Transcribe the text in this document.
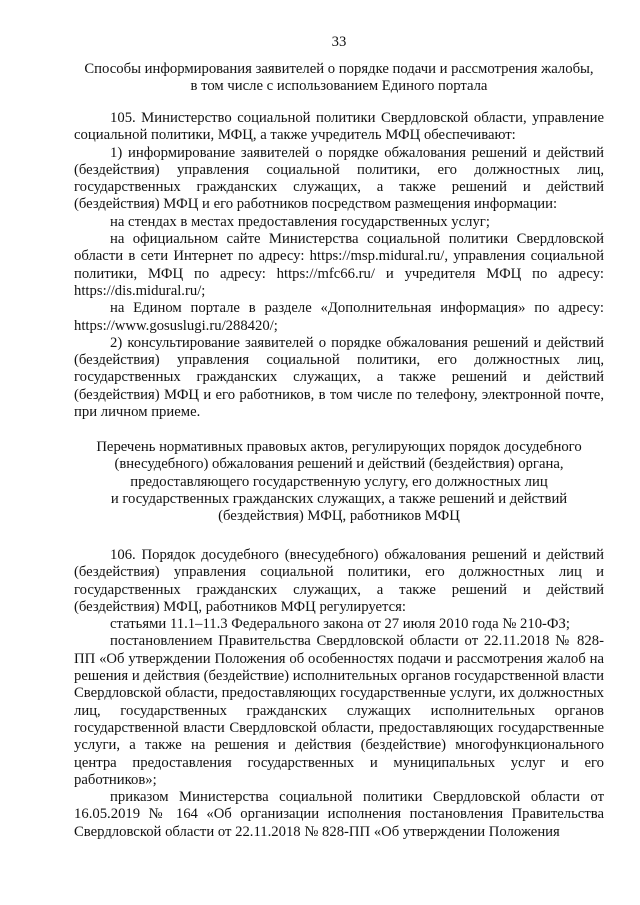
33

Способы информирования заявителей о порядке подачи и рассмотрения жалобы,

в том числе с использованием Единого портала

105. Министерство социальной политики Свердловской области, управление социальной политики, МФЦ, а также учредитель МФЦ обеспечивают:

1) информирование заявителей о порядке обжалования решений и действий (бездействия) управления социальной политики, его должностных лиц, государственных гражданских служащих, а также решений и действий (бездействия) МФЦ и его работников посредством размещения информации:

на стендах в местах предоставления государственных услуг;

на официальном сайте Министерства социальной политики Свердловской области в сети Интернет по адресу: https://msp.midural.ru/, управления социальной политики, МФЦ по адресу: https://mfc66.ru/ и учредителя МФЦ по адресу: https://dis.midural.ru/;

на Едином портале в разделе «Дополнительная информация» по адресу: https://www.gosuslugi.ru/288420/;

2) консультирование заявителей о порядке обжалования решений и действий (бездействия) управления социальной политики, его должностных лиц, государственных гражданских служащих, а также решений и действий (бездействия) МФЦ и его работников, в том числе по телефону, электронной почте, при личном приеме.

Перечень нормативных правовых актов, регулирующих порядок досудебного

(внесудебного) обжалования решений и действий (бездействия) органа,

предоставляющего государственную услугу, его должностных лиц

и государственных гражданских служащих, а также решений и действий

(бездействия) МФЦ, работников МФЦ

106. Порядок досудебного (внесудебного) обжалования решений и действий (бездействия) управления социальной политики, его должностных лиц и государственных гражданских служащих, а также решений и действий (бездействия) МФЦ, работников МФЦ регулируется:

статьями 11.1–11.3 Федерального закона от 27 июля 2010 года № 210-ФЗ;

постановлением Правительства Свердловской области от 22.11.2018 № 828-ПП «Об утверждении Положения об особенностях подачи и рассмотрения жалоб на решения и действия (бездействие) исполнительных органов государственной власти Свердловской области, предоставляющих государственные услуги, их должностных лиц, государственных гражданских служащих исполнительных органов государственной власти Свердловской области, предоставляющих государственные услуги, а также на решения и действия (бездействие) многофункционального центра предоставления государственных и муниципальных услуг и его работников»;

приказом Министерства социальной политики Свердловской области от 16.05.2019 № 164 «Об организации исполнения постановления Правительства Свердловской области от 22.11.2018 № 828-ПП «Об утверждении Положения
